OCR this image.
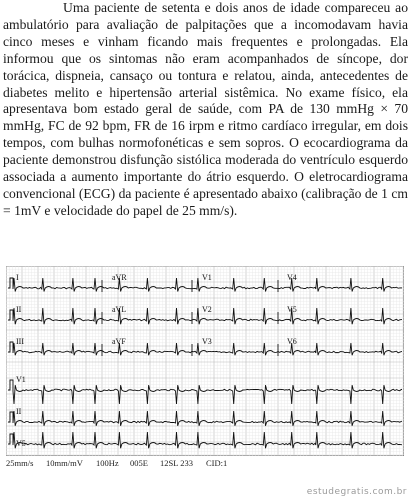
Uma paciente de setenta e dois anos de idade compareceu ao ambulatório para avaliação de palpitações que a incomodavam havia cinco meses e vinham ficando mais frequentes e prolongadas. Ela informou que os sintomas não eram acompanhados de síncope, dor torácica, dispneia, cansaço ou tontura e relatou, ainda, antecedentes de diabetes melito e hipertensão arterial sistêmica. No exame físico, ela apresentava bom estado geral de saúde, com PA de 130 mmHg × 70 mmHg, FC de 92 bpm, FR de 16 irpm e ritmo cardíaco irregular, em dois tempos, com bulhas normofonéticas e sem sopros. O ecocardiograma da paciente demonstrou disfunção sistólica moderada do ventrículo esquerdo associada a aumento importante do átrio esquerdo. O eletrocardiograma convencional (ECG) da paciente é apresentado abaixo (calibração de 1 cm = 1mV e velocidade do papel de 25 mm/s).

I	aVR	V1	V4
II	aVL	V2	V5
III	aVF	V3	V6
V1
II
V5
25mm/s 10mm/mV 100Hz 005E 12SL 233 CID:1
estudegratis.com.br
